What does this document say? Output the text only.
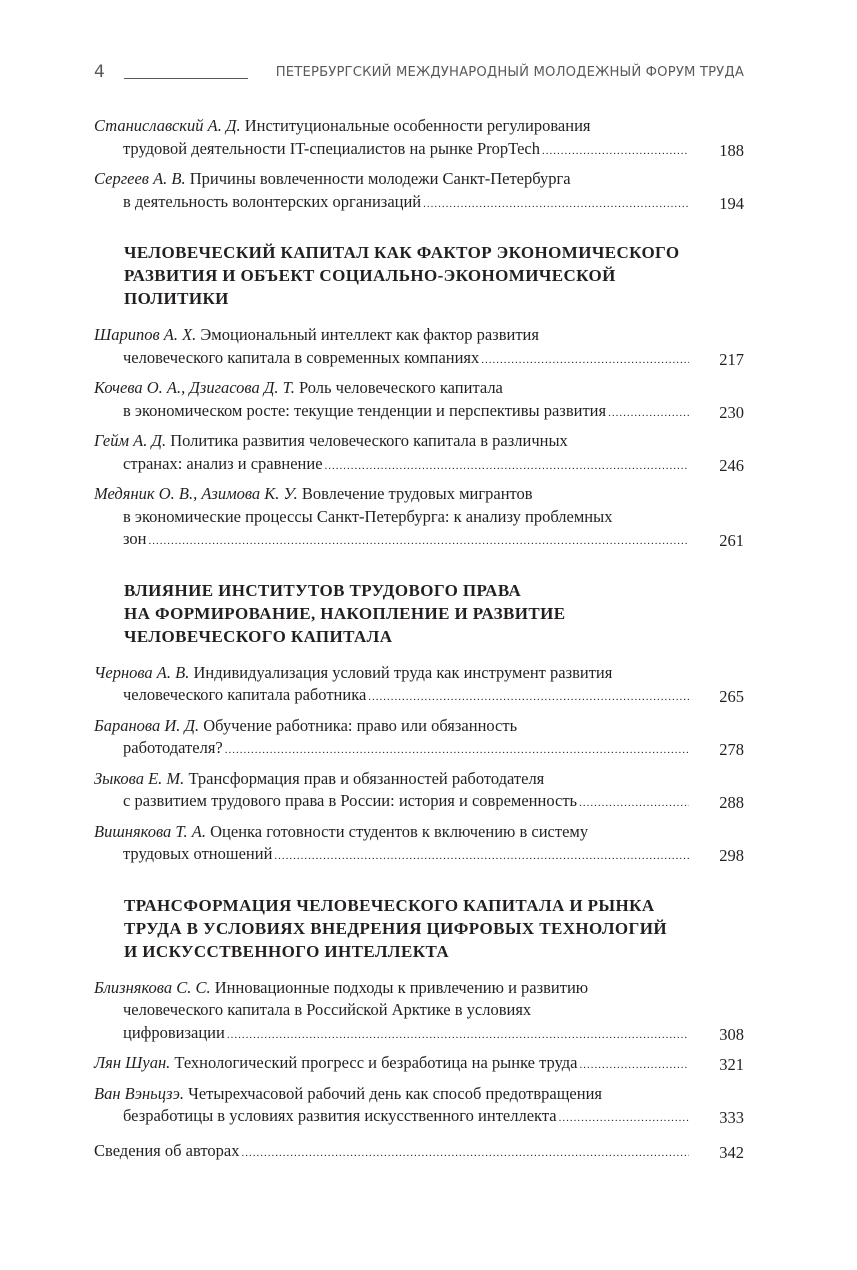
4	ПЕТЕРБУРГСКИЙ МЕЖДУНАРОДНЫЙ МОЛОДЕЖНЫЙ ФОРУМ ТРУДА
Станиславский А. Д. Институциональные особенности регулирования
трудовой деятельности IT-специалистов на рынке PropTech .....	188
Сергеев А. В. Причины вовлеченности молодежи Санкт-Петербурга
в деятельность волонтерских организаций .....	194
ЧЕЛОВЕЧЕСКИЙ КАПИТАЛ КАК ФАКТОР ЭКОНОМИЧЕСКОГО
РАЗВИТИЯ И ОБЪЕКТ СОЦИАЛЬНО-ЭКОНОМИЧЕСКОЙ
ПОЛИТИКИ
Шарипов А. Х. Эмоциональный интеллект как фактор развития
человеческого капитала в современных компаниях .....	217
Кочева О. А., Дзигасова Д. Т. Роль человеческого капитала
в экономическом росте: текущие тенденции и перспективы развития .....	230
Гейм А. Д. Политика развития человеческого капитала в различных
странах: анализ и сравнение .....	246
Медяник О. В., Азимова К. У. Вовлечение трудовых мигрантов
в экономические процессы Санкт-Петербурга: к анализу проблемных
зон .....	261
ВЛИЯНИЕ ИНСТИТУТОВ ТРУДОВОГО ПРАВА
НА ФОРМИРОВАНИЕ, НАКОПЛЕНИЕ И РАЗВИТИЕ
ЧЕЛОВЕЧЕСКОГО КАПИТАЛА
Чернова А. В. Индивидуализация условий труда как инструмент развития
человеческого капитала работника .....	265
Баранова И. Д. Обучение работника: право или обязанность
работодателя? .....	278
Зыкова Е. М. Трансформация прав и обязанностей работодателя
с развитием трудового права в России: история и современность .....	288
Вишнякова Т. А. Оценка готовности студентов к включению в систему
трудовых отношений .....	298
ТРАНСФОРМАЦИЯ ЧЕЛОВЕЧЕСКОГО КАПИТАЛА И РЫНКА
ТРУДА В УСЛОВИЯХ ВНЕДРЕНИЯ ЦИФРОВЫХ ТЕХНОЛОГИЙ
И ИСКУССТВЕННОГО ИНТЕЛЛЕКТА
Близнякова С. С. Инновационные подходы к привлечению и развитию
человеческого капитала в Российской Арктике в условиях
цифровизации .....	308
Лян Шуан. Технологический прогресс и безработица на рынке труда .....	321
Ван Вэньцзэ. Четырехчасовой рабочий день как способ предотвращения
безработицы в условиях развития искусственного интеллекта .....	333
Сведения об авторах .....	342
